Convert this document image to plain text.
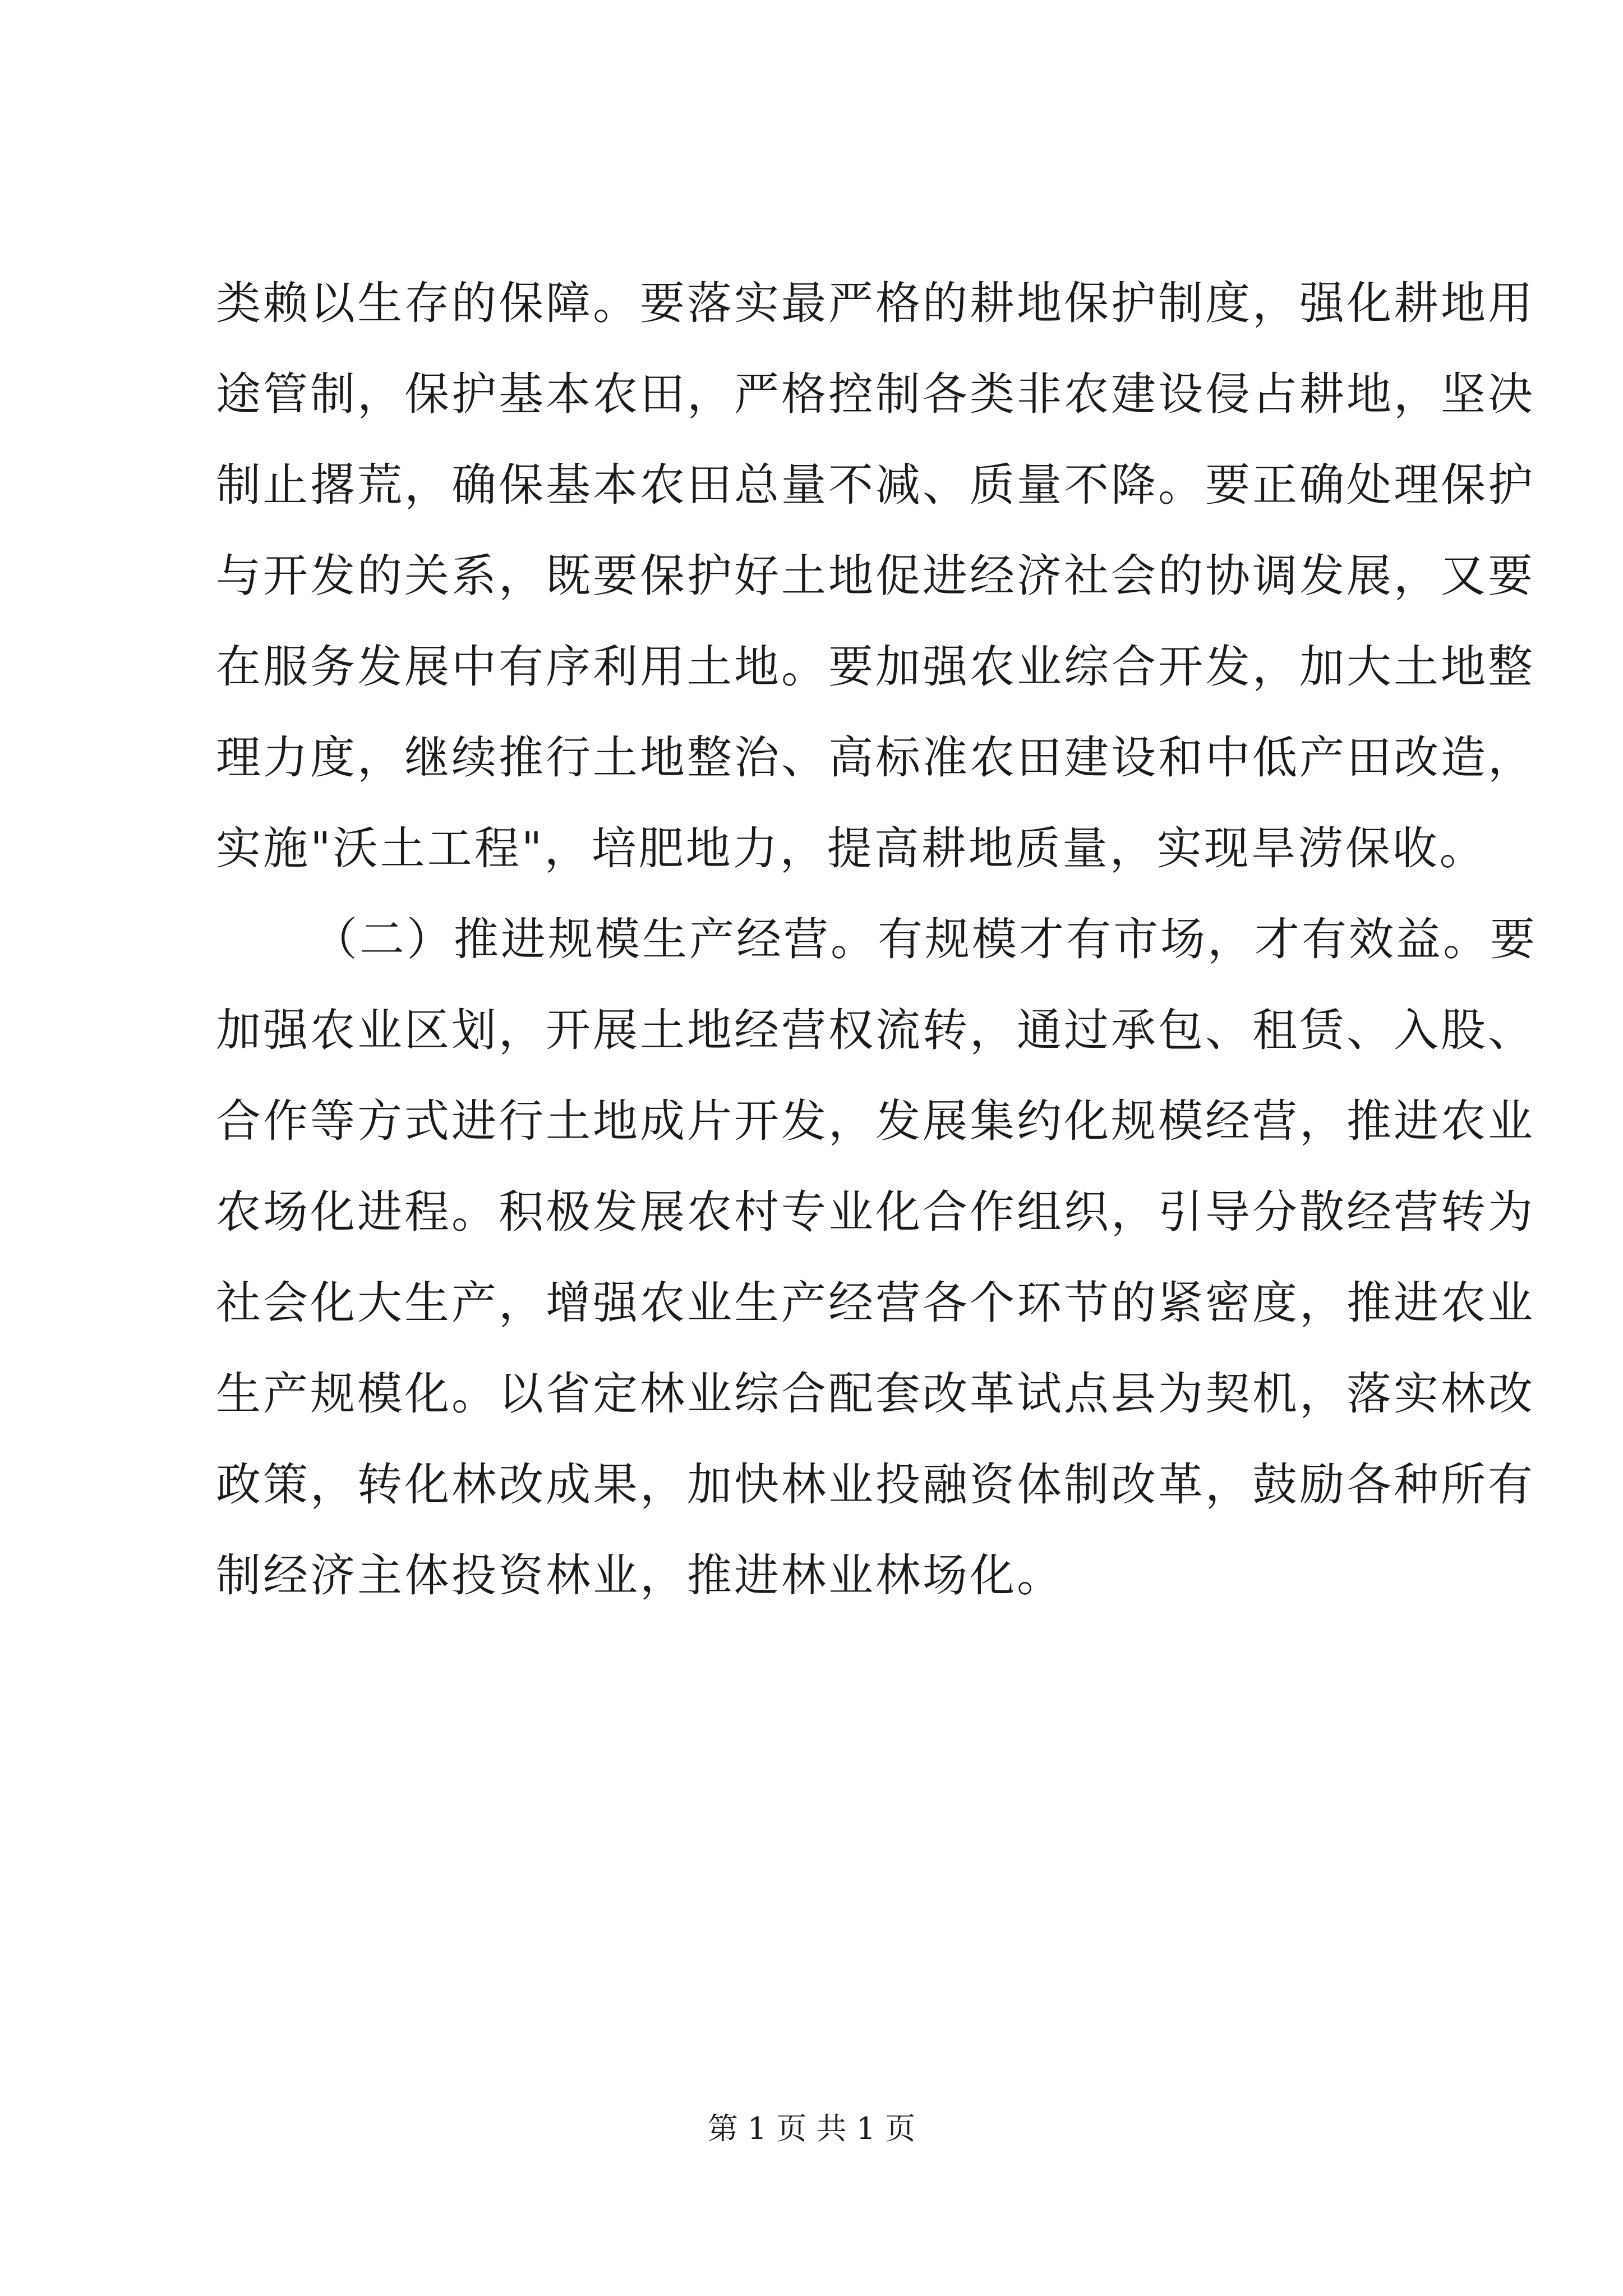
类赖以生存的保障。要落实最严格的耕地保护制度，强化耕地用
途管制，保护基本农田，严格控制各类非农建设侵占耕地，坚决
制止撂荒，确保基本农田总量不减、质量不降。要正确处理保护
与开发的关系，既要保护好土地促进经济社会的协调发展，又要
在服务发展中有序利用土地。要加强农业综合开发，加大土地整
理力度，继续推行土地整治、高标准农田建设和中低产田改造，
实施"沃土工程"，培肥地力，提高耕地质量，实现旱涝保收。
（二）推进规模生产经营。有规模才有市场，才有效益。要
加强农业区划，开展土地经营权流转，通过承包、租赁、入股、
合作等方式进行土地成片开发，发展集约化规模经营，推进农业
农场化进程。积极发展农村专业化合作组织，引导分散经营转为
社会化大生产，增强农业生产经营各个环节的紧密度，推进农业
生产规模化。以省定林业综合配套改革试点县为契机，落实林改
政策，转化林改成果，加快林业投融资体制改革，鼓励各种所有
制经济主体投资林业，推进林业林场化。
第 1 页 共 1 页
